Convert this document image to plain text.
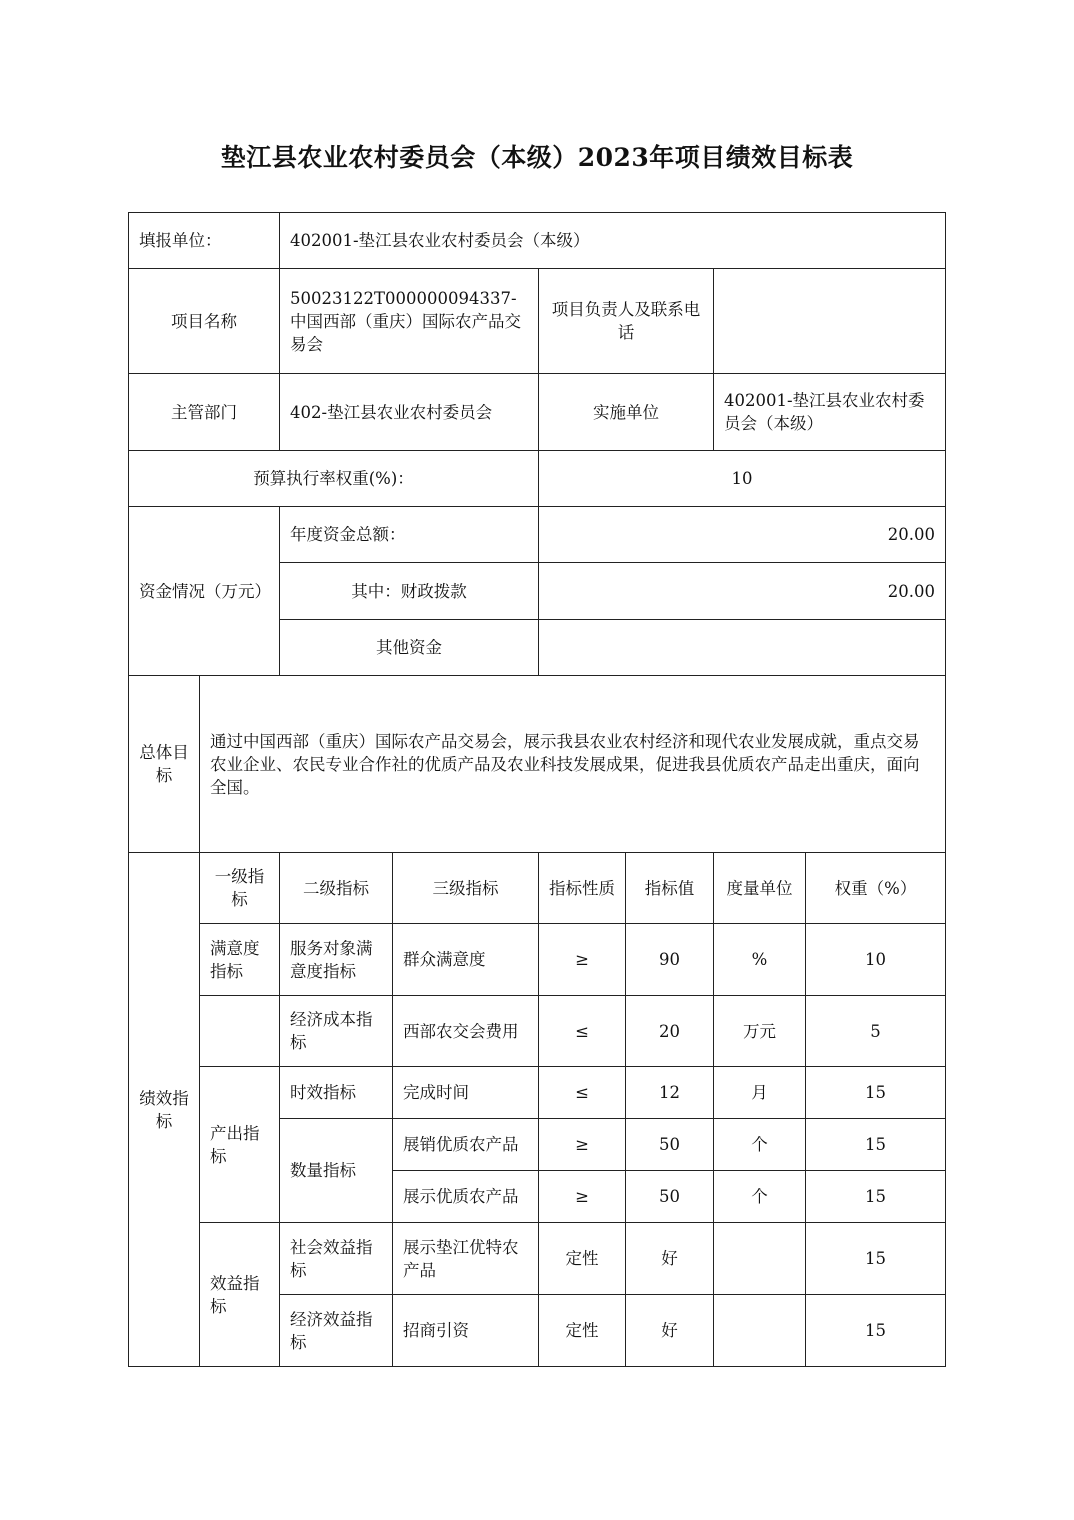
垫江县农业农村委员会（本级）2023年项目绩效目标表
填报单位：		402001-垫江县农业农村委员会（本级）					
项目名称		50023122T000000094337-中国西部（重庆）国际农产品交易会		项目负责人及联系电话			
主管部门		402-垫江县农业农村委员会		实施单位		402001-垫江县农业农村委员会（本级）	
预算执行率权重(%)：				10			
资金情况（万元）		年度资金总额：		20.00			
		其中：财政拨款		20.00			
		其他资金					
总体目标	通过中国西部（重庆）国际农产品交易会，展示我县农业农村经济和现代农业发展成就，重点交易农业企业、农民专业合作社的优质产品及农业科技发展成果，促进我县优质农产品走出重庆，面向全国。						
绩效指标	一级指标	二级指标	三级指标	指标性质	指标值	度量单位	权重（%）
	满意度指标	服务对象满意度指标	群众满意度	≥	90	%	10
		经济成本指标	西部农交会费用	≤	20	万元	5
	产出指标	时效指标	完成时间	≤	12	月	15
		数量指标	展销优质农产品	≥	50	个	15
			展示优质农产品	≥	50	个	15
	效益指标	社会效益指标	展示垫江优特农产品	定性	好		15
		经济效益指标	招商引资	定性	好		15
